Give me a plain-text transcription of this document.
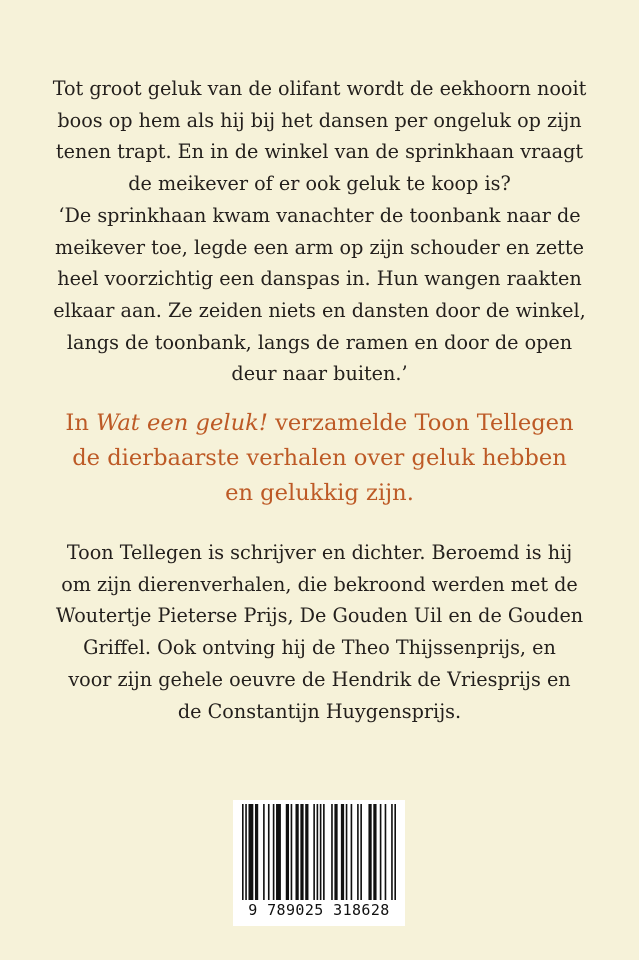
Tot groot geluk van de olifant wordt de eekhoorn nooit
boos op hem als hij bij het dansen per ongeluk op zijn
tenen trapt. En in de winkel van de sprinkhaan vraagt
de meikever of er ook geluk te koop is?
‘De sprinkhaan kwam vanachter de toonbank naar de
meikever toe, legde een arm op zijn schouder en zette
heel voorzichtig een danspas in. Hun wangen raakten
elkaar aan. Ze zeiden niets en dansten door de winkel,
langs de toonbank, langs de ramen en door de open
deur naar buiten.’
In Wat een geluk! verzamelde Toon Tellegen
de dierbaarste verhalen over geluk hebben
en gelukkig zijn.
Toon Tellegen is schrijver en dichter. Beroemd is hij
om zijn dierenverhalen, die bekroond werden met de
Woutertje Pieterse Prijs, De Gouden Uil en de Gouden
Griffel. Ook ontving hij de Theo Thijssenprijs, en
voor zijn gehele oeuvre de Hendrik de Vriesprijs en
de Constantijn Huygensprijs.
9 789025 318628
